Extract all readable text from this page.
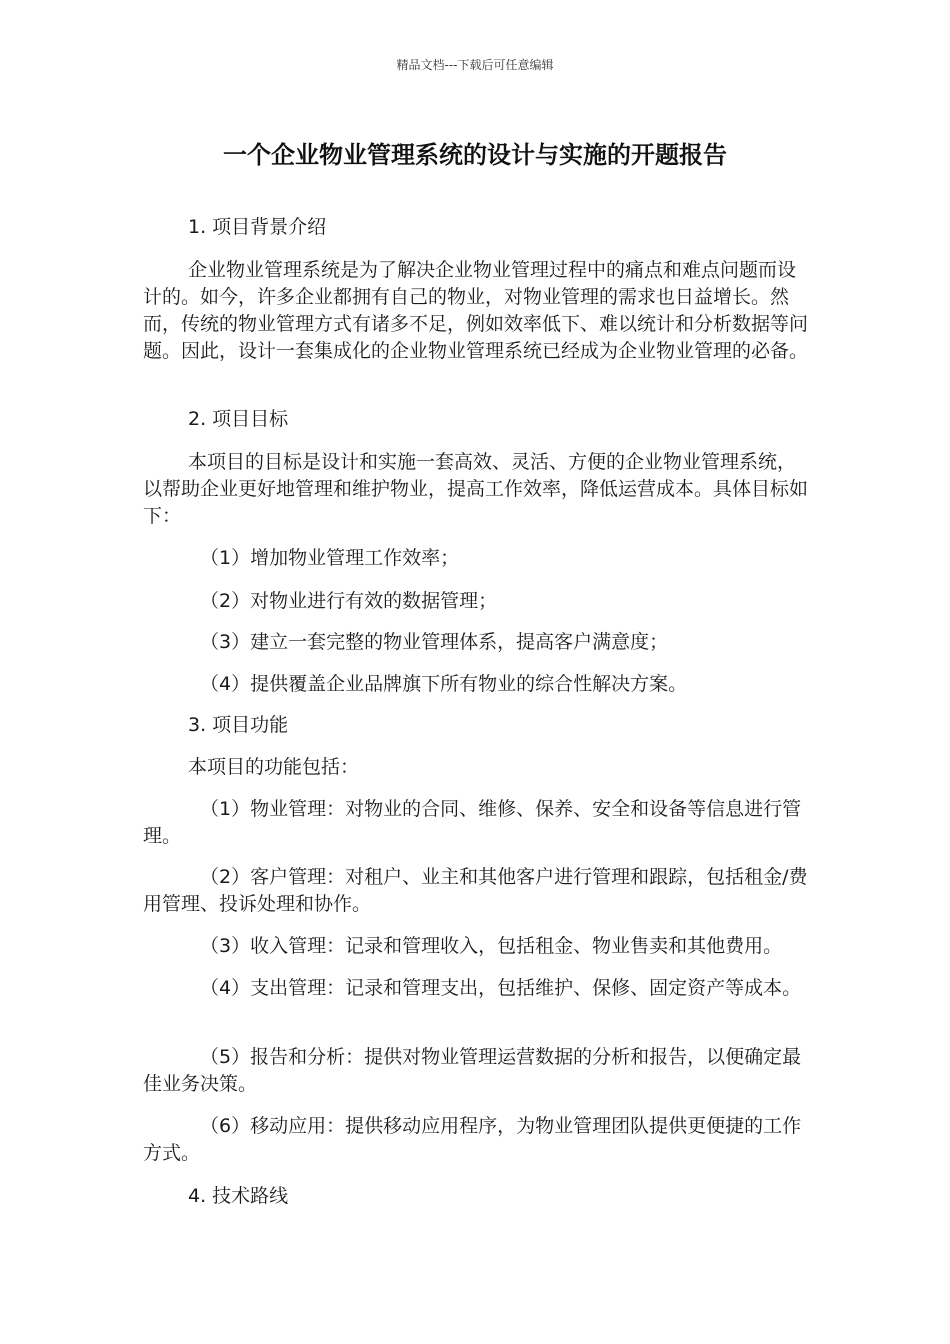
精品文档---下载后可任意编辑
一个企业物业管理系统的设计与实施的开题报告

1. 项目背景介绍

企业物业管理系统是为了解决企业物业管理过程中的痛点和难点问题而设计的。如今，许多企业都拥有自己的物业，对物业管理的需求也日益增长。然而，传统的物业管理方式有诸多不足，例如效率低下、难以统计和分析数据等问题。因此，设计一套集成化的企业物业管理系统已经成为企业物业管理的必备。

2. 项目目标

本项目的目标是设计和实施一套高效、灵活、方便的企业物业管理系统，以帮助企业更好地管理和维护物业，提高工作效率，降低运营成本。具体目标如下：

（1）增加物业管理工作效率；

（2）对物业进行有效的数据管理；

（3）建立一套完整的物业管理体系，提高客户满意度；

（4）提供覆盖企业品牌旗下所有物业的综合性解决方案。

3. 项目功能

本项目的功能包括：

（1）物业管理：对物业的合同、维修、保养、安全和设备等信息进行管理。

（2）客户管理：对租户、业主和其他客户进行管理和跟踪，包括租金/费用管理、投诉处理和协作。

（3）收入管理：记录和管理收入，包括租金、物业售卖和其他费用。

（4）支出管理：记录和管理支出，包括维护、保修、固定资产等成本。

（5）报告和分析：提供对物业管理运营数据的分析和报告，以便确定最佳业务决策。

（6）移动应用：提供移动应用程序，为物业管理团队提供更便捷的工作方式。

4. 技术路线
